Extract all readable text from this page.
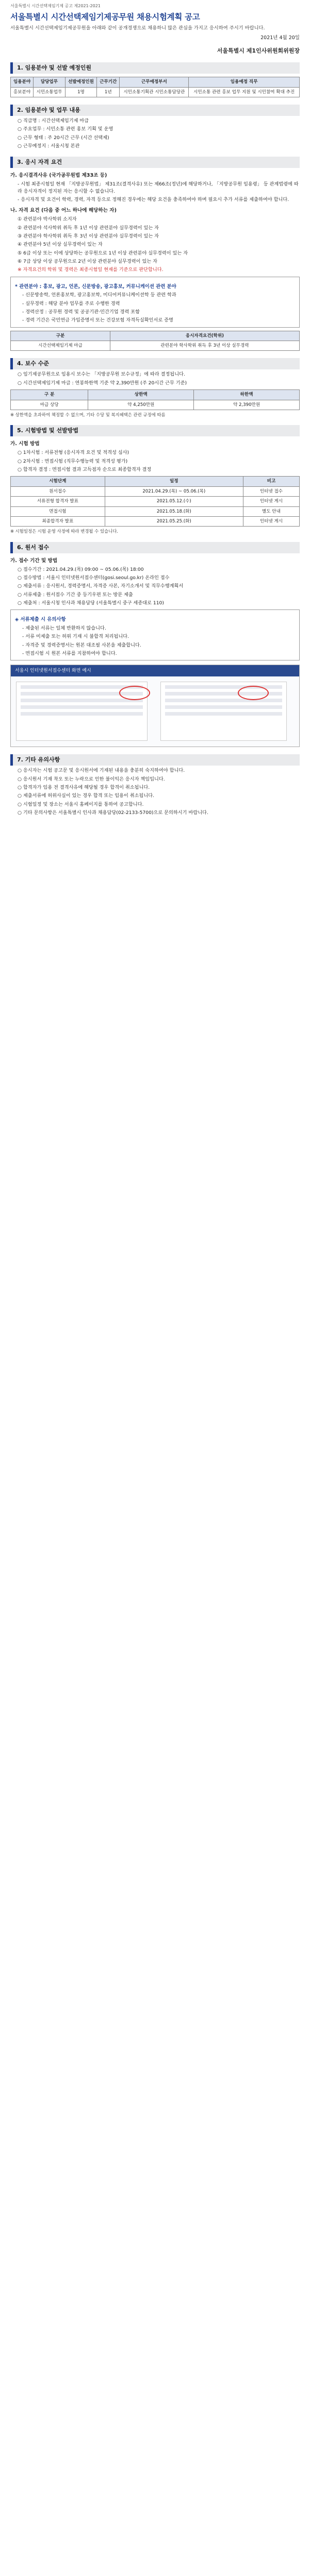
서울특별시 시간선택제임기제 공고 제2021-2021
서울특별시 시간선택제임기제공무원 채용시험계획 공고
서울특별시 시간선택제임기제공무원을 아래와 같이 공개경쟁으로 채용하니 많은 관심을 가지고 응시하여 주시기 바랍니다.
2021년 4월 20일
서울특별시 제1인사위원회위원장
1. 임용분야 및 선발 예정인원
임용분야	담당업무	선발예정인원	근무기간	근무예정부서	임용예정 직무
홍보분야	시민소통업무	1명	1년	시민소통기획관 시민소통담당관	시민소통 관련 홍보 업무 지원 및 시민참여 확대 추진
2. 임용분야 및 업무 내용
○ 직급명 : 시간선택제임기제 마급
○ 주요업무 : 시민소통 관련 홍보 기획 및 운영
○ 근무 형태 : 주 20시간 근무 (시간 선택제)
○ 근무예정지 : 서울시청 본관
3. 응시 자격 요건
가. 응시결격사유 (국가공무원법 제33조 등)
- 시험 최종시험일 현재 「지방공무원법」 제31조(결격사유) 또는 제66조(정년)에 해당하거나, 「지방공무원 임용령」 등 관계법령에 따라 응시자격이 정지된 자는 응시할 수 없습니다.
- 응시자격 및 요건이 학력, 경력, 자격 등으로 정해진 경우에는 해당 요건을 충족하여야 하며 필요시 추가 서류를 제출하여야 합니다.
나. 자격 요건 (다음 중 어느 하나에 해당하는 자)
① 관련분야 박사학위 소지자
② 관련분야 석사학위 취득 후 1년 이상 관련분야 실무경력이 있는 자
③ 관련분야 학사학위 취득 후 3년 이상 관련분야 실무경력이 있는 자
④ 관련분야 5년 이상 실무경력이 있는 자
⑤ 6급 이상 또는 이에 상당하는 공무원으로 1년 이상 관련분야 실무경력이 있는 자
⑥ 7급 상당 이상 공무원으로 2년 이상 관련분야 실무경력이 있는 자
※ 자격요건의 학위 및 경력은 최종시험일 현재를 기준으로 판단합니다.
* 관련분야 : 홍보, 광고, 언론, 신문방송, 광고홍보, 커뮤니케이션 관련 분야
- 신문방송학, 언론홍보학, 광고홍보학, 미디어커뮤니케이션학 등 관련 학과
- 실무경력 : 해당 분야 업무를 주로 수행한 경력
- 경력산정 : 공무원 경력 및 공공기관·민간기업 경력 포함
- 경력 기간은 국민연금 가입증명서 또는 건강보험 자격득실확인서로 증명
구분	응시자격요건(학위)
시간선택제임기제 마급	관련분야 학사학위 취득 후 3년 이상 실무경력
4. 보수 수준
○ 임기제공무원으로 임용시 보수는 「지방공무원 보수규정」에 따라 결정됩니다.
○ 시간선택제임기제 마급 : 연봉하한액 기준 약 2,390만원 (주 20시간 근무 기준)
구 분	상한액	하한액
마급 상당	약 4,250만원	약 2,390만원
※ 상한액을 초과하여 책정할 수 없으며, 기타 수당 및 복지혜택은 관련 규정에 따름
5. 시험방법 및 선발방법
가. 시험 방법
○ 1차시험 : 서류전형 (응시자격 요건 및 적격성 심사)
○ 2차시험 : 면접시험 (직무수행능력 및 적격성 평가)
○ 합격자 결정 : 면접시험 결과 고득점자 순으로 최종합격자 결정
시험단계	일정	비고
원서접수	2021.04.29.(목) ~ 05.06.(목)	인터넷 접수
서류전형 합격자 발표	2021.05.12.(수)	인터넷 게시
면접시험	2021.05.18.(화)	별도 안내
최종합격자 발표	2021.05.25.(화)	인터넷 게시
※ 시험일정은 시험 운영 사정에 따라 변경될 수 있습니다.
6. 원서 접수
가. 접수 기간 및 방법
○ 접수기간 : 2021.04.29.(목) 09:00 ~ 05.06.(목) 18:00
○ 접수방법 : 서울시 인터넷원서접수센터(gosi.seoul.go.kr) 온라인 접수
○ 제출서류 : 응시원서, 경력증명서, 자격증 사본, 자기소개서 및 직무수행계획서
○ 서류제출 : 원서접수 기간 중 등기우편 또는 방문 제출
○ 제출처 : 서울시청 인사과 채용담당 (서울특별시 중구 세종대로 110)
◈ 서류제출 시 유의사항
- 제출된 서류는 일체 반환하지 않습니다.
- 서류 미제출 또는 허위 기재 시 불합격 처리됩니다.
- 자격증 및 경력증명서는 원본 대조필 사본을 제출합니다.
- 면접시험 시 원본 서류를 지참하여야 합니다.
서울시 인터넷원서접수센터 화면 예시
7. 기타 유의사항
○ 응시자는 시험 공고문 및 응시원서에 기재된 내용을 충분히 숙지하여야 합니다.
○ 응시원서 기재 착오 또는 누락으로 인한 불이익은 응시자 책임입니다.
○ 합격자가 임용 전 결격사유에 해당될 경우 합격이 취소됩니다.
○ 제출서류에 허위사실이 있는 경우 합격 또는 임용이 취소됩니다.
○ 시험일정 및 장소는 서울시 홈페이지를 통하여 공고합니다.
○ 기타 문의사항은 서울특별시 인사과 채용담당(02-2133-5700)으로 문의하시기 바랍니다.
